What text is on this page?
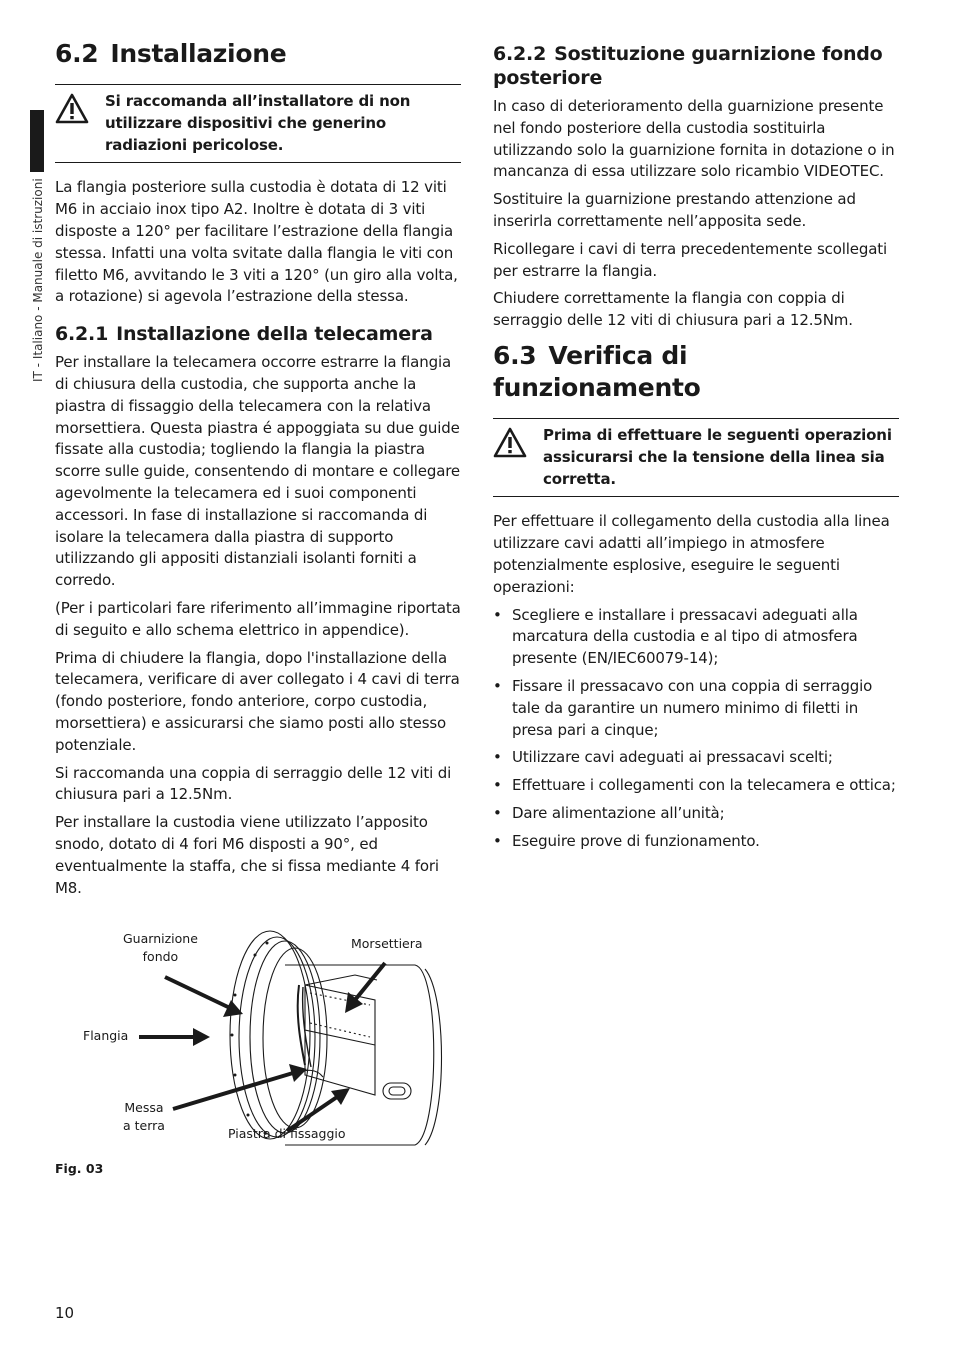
IT - Italiano - Manuale di istruzioni
6.2 Installazione
Si raccomanda all’installatore di non utilizzare dispositivi che generino radiazioni pericolose.

La flangia posteriore sulla custodia è dotata di 12 viti M6 in acciaio inox tipo A2. Inoltre è dotata di 3 viti disposte a 120° per facilitare l’estrazione della flangia stessa. Infatti una volta svitate dalla flangia le viti con filetto M6, avvitando le 3 viti a 120° (un giro alla volta, a rotazione) si agevola l’estrazione della stessa.

6.2.1 Installazione della telecamera

Per installare la telecamera occorre estrarre la flangia di chiusura della custodia, che supporta anche la piastra di fissaggio della telecamera con la relativa morsettiera. Questa piastra é appoggiata su due guide fissate alla custodia; togliendo la flangia la piastra scorre sulle guide, consentendo di montare e collegare agevolmente la telecamera ed i suoi componenti accessori. In fase di installazione si raccomanda di isolare la telecamera dalla piastra di supporto utilizzando gli appositi distanziali isolanti forniti a corredo.

(Per i particolari fare riferimento all’immagine riportata di seguito e allo schema elettrico in appendice).

Prima di chiudere la flangia, dopo l'installazione della telecamera, verificare di aver collegato i 4 cavi di terra (fondo posteriore, fondo anteriore, corpo custodia, morsettiera) e assicurarsi che siamo posti allo stesso potenziale.

Si raccomanda una coppia di serraggio delle 12 viti di chiusura pari a 12.5Nm.

Per installare la custodia viene utilizzato l’apposito snodo, dotato di 4 fori M6 disposti a 90°, ed eventualmente la staffa, che si fissa mediante 4 fori M8.

Guarnizione
fondo
Morsettiera
Flangia
Messa
a terra
Piastra di fissaggio
Fig. 03
6.2.2 Sostituzione guarnizione fondo posteriore

In caso di deterioramento della guarnizione presente nel fondo posteriore della custodia sostituirla utilizzando solo la guarnizione fornita in dotazione o in mancanza di essa utilizzare solo ricambio VIDEOTEC.

Sostituire la guarnizione prestando attenzione ad inserirla correttamente nell’apposita sede.

Ricollegare i cavi di terra precedentemente scollegati per estrarre la flangia.

Chiudere correttamente la flangia con coppia di serraggio delle 12 viti di chiusura pari a 12.5Nm.

6.3 Verifica di funzionamento
Prima di effettuare le seguenti operazioni assicurarsi che la tensione della linea sia corretta.

Per effettuare il collegamento della custodia alla linea utilizzare cavi adatti all’impiego in atmosfere potenzialmente esplosive, eseguire le seguenti operazioni:

• Scegliere e installare i pressacavi adeguati alla marcatura della custodia e al tipo di atmosfera presente (EN/IEC60079-14);
• Fissare il pressacavo con una coppia di serraggio tale da garantire un numero minimo di filetti in presa pari a cinque;
• Utilizzare cavi adeguati ai pressacavi scelti;
• Effettuare i collegamenti con la telecamera e ottica;
• Dare alimentazione all’unità;
• Eseguire prove di funzionamento.
10
